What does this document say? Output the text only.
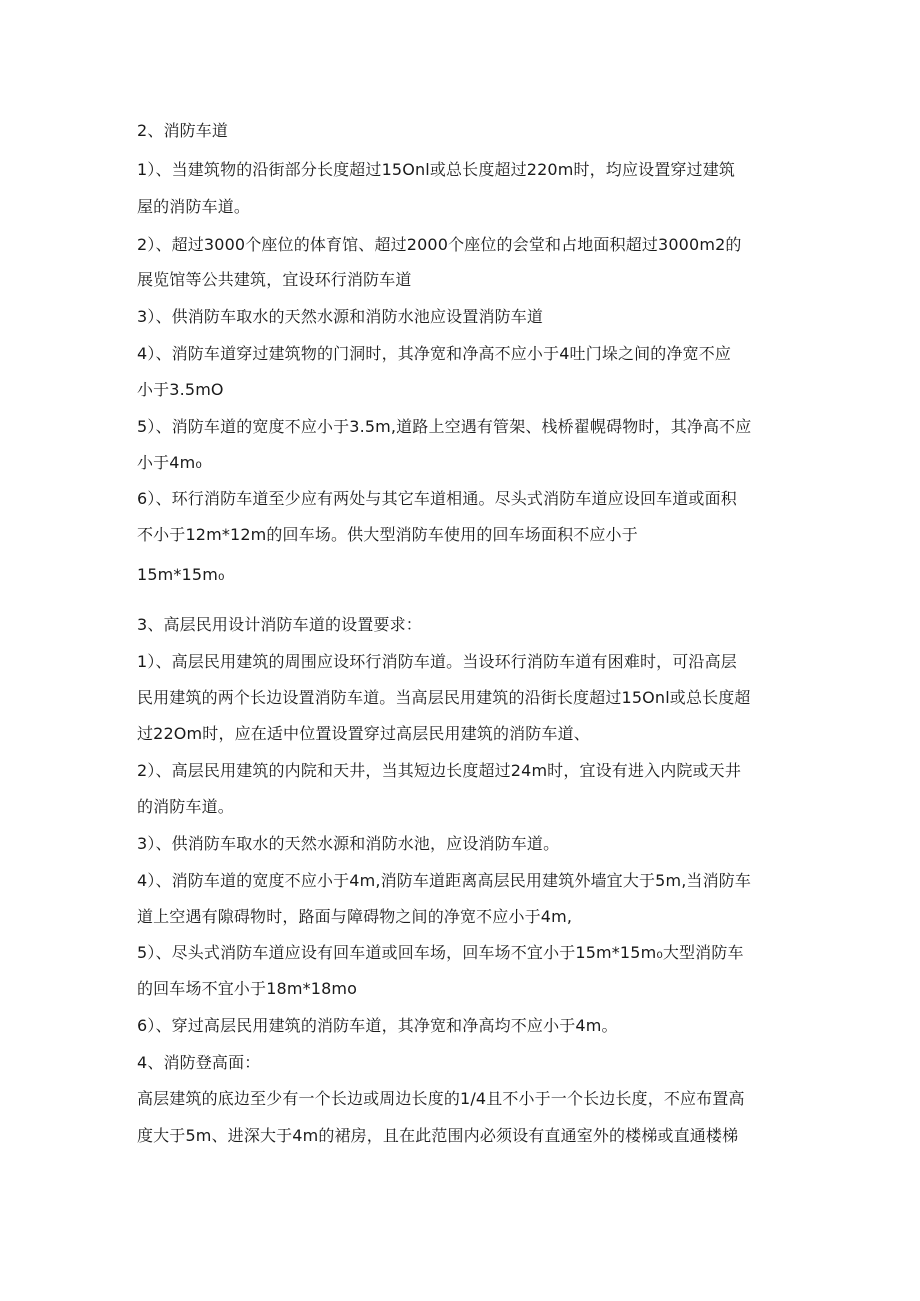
2、消防车道
1）、当建筑物的沿街部分长度超过15Onl或总长度超过220m时，均应设置穿过建筑
屋的消防车道。
2）、超过3000个座位的体育馆、超过2000个座位的会堂和占地面积超过3000m2的
展览馆等公共建筑，宜设环行消防车道
3）、供消防车取水的天然水源和消防水池应设置消防车道
4）、消防车道穿过建筑物的门洞时，其净宽和净高不应小于4吐门垛之间的净宽不应
小于3.5mO
5）、消防车道的宽度不应小于3.5m,道路上空遇有管架、栈桥翟幌碍物时，其净高不应
小于4m₀
6）、环行消防车道至少应有两处与其它车道相通。尽头式消防车道应设回车道或面积
不小于12m*12m的回车场。供大型消防车使用的回车场面积不应小于
15m*15m₀
3、高层民用设计消防车道的设置要求：
1）、高层民用建筑的周围应设环行消防车道。当设环行消防车道有困难时，可沿高层
民用建筑的两个长边设置消防车道。当高层民用建筑的沿街长度超过15Onl或总长度超
过22Om时，应在适中位置设置穿过高层民用建筑的消防车道、
2）、高层民用建筑的内院和天井，当其短边长度超过24m时，宜设有进入内院或天井
的消防车道。
3）、供消防车取水的天然水源和消防水池，应设消防车道。
4）、消防车道的宽度不应小于4m,消防车道距离高层民用建筑外墙宜大于5m,当消防车
道上空遇有隙碍物时，路面与障碍物之间的净宽不应小于4m,
5）、尽头式消防车道应设有回车道或回车场，回车场不宜小于15m*15m₀大型消防车
的回车场不宜小于18m*18mo
6）、穿过高层民用建筑的消防车道，其净宽和净高均不应小于4m。
4、消防登高面：
高层建筑的底边至少有一个长边或周边长度的1/4且不小于一个长边长度，不应布置高
度大于5m、进深大于4m的裙房，且在此范围内必须设有直通室外的楼梯或直通楼梯
